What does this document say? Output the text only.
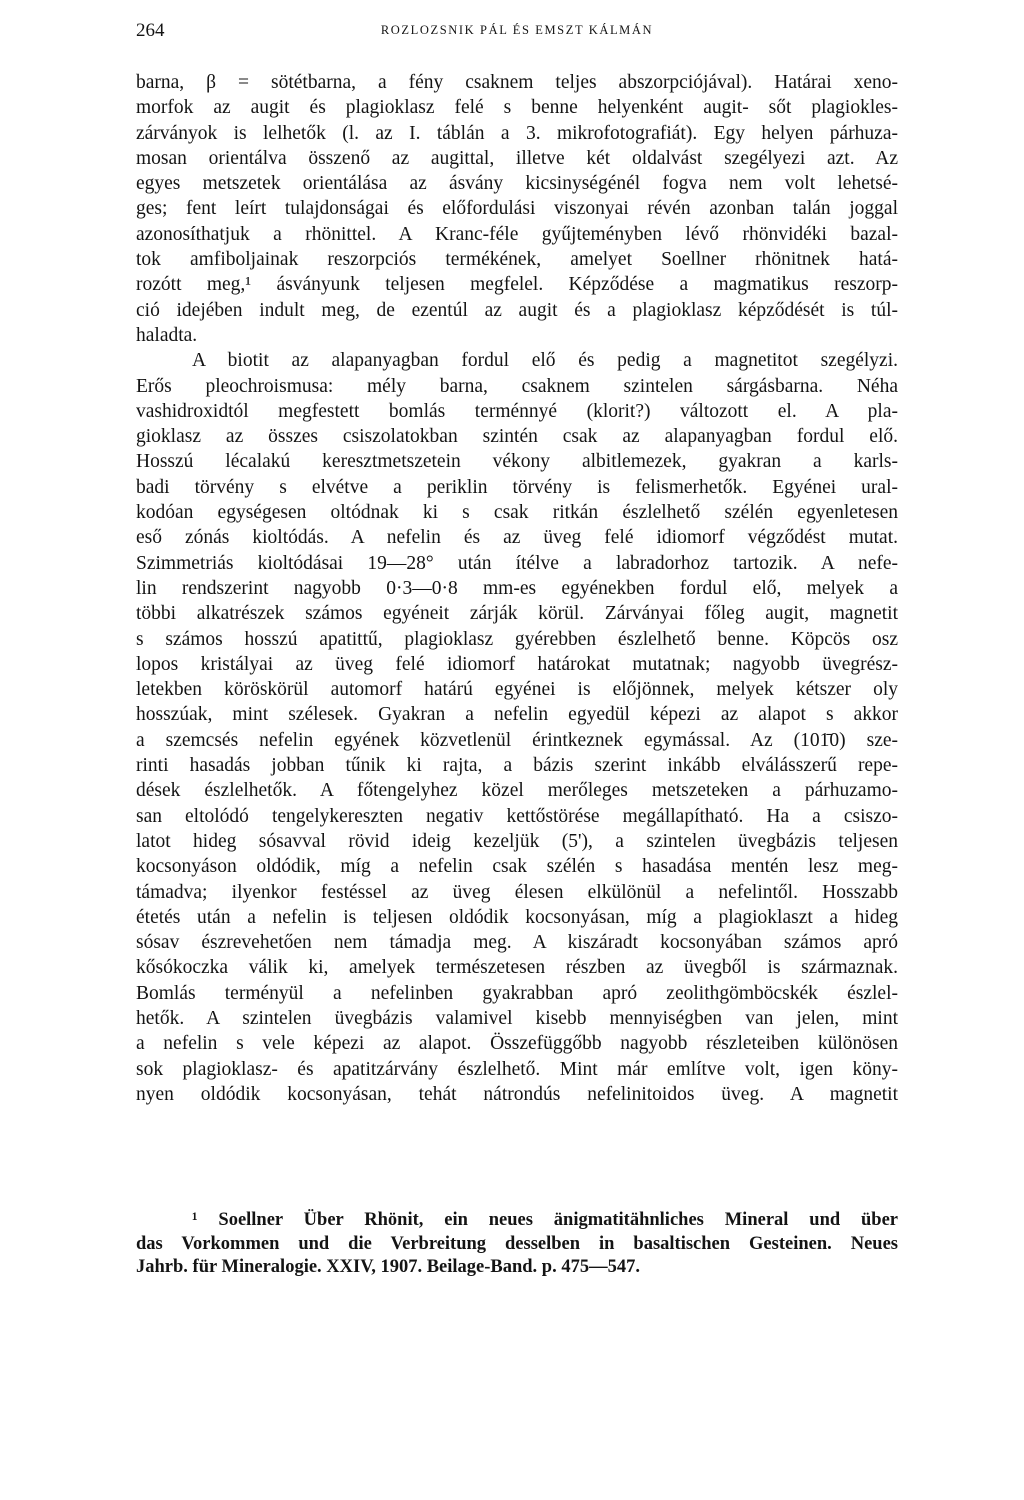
264	ROZLOZSNIK PÁL ÉS EMSZT KÁLMÁN
barna, β = sötétbarna, a fény csaknem teljes abszorpciójával). Határai xeno-
morfok az augit és plagioklasz felé s benne helyenként augit- sőt plagiokles-
zárványok is lelhetők (l. az I. táblán a 3. mikrofotografiát). Egy helyen párhuza-
mosan orientálva összenő az augittal, illetve két oldalvást szegélyezi azt. Az
egyes metszetek orientálása az ásvány kicsinységénél fogva nem volt lehetsé-
ges; fent leírt tulajdonságai és előfordulási viszonyai révén azonban talán joggal
azonosíthatjuk a rhönittel. A Kranc-féle gyűjteményben lévő rhönvidéki bazal-
tok amfiboljainak reszorpciós termékének, amelyet Soellner rhönitnek hatá-
rozótt meg,¹ ásványunk teljesen megfelel. Képződése a magmatikus reszorp-
ció idejében indult meg, de ezentúl az augit és a plagioklasz képződését is túl-
haladta.
A biotit az alapanyagban fordul elő és pedig a magnetitot szegélyzi.
Erős pleochroismusa: mély barna, csaknem szintelen sárgásbarna. Néha
vashidroxidtól megfestett bomlás terménnyé (klorit?) változott el. A pla-
gioklasz az összes csiszolatokban szintén csak az alapanyagban fordul elő.
Hosszú lécalakú keresztmetszetein vékony albitlemezek, gyakran a karls-
badi törvény s elvétve a periklin törvény is felismerhetők. Egyénei ural-
kodóan egységesen oltódnak ki s csak ritkán észlelhető szélén egyenletesen
eső zónás kioltódás. A nefelin és az üveg felé idiomorf végződést mutat.
Szimmetriás kioltódásai 19—28° után ítélve a labradorhoz tartozik. A nefe-
lin rendszerint nagyobb 0·3—0·8 mm-es egyénekben fordul elő, melyek a
többi alkatrészek számos egyéneit zárják körül. Zárványai főleg augit, magnetit
s számos hosszú apatittű, plagioklasz gyérebben észlelhető benne. Köpcös osz
lopos kristályai az üveg felé idiomorf határokat mutatnak; nagyobb üvegrész-
letekben köröskörül automorf határú egyénei is előjönnek, melyek kétszer oly
hosszúak, mint szélesek. Gyakran a nefelin egyedül képezi az alapot s akkor
a szemcsés nefelin egyének közvetlenül érintkeznek egymással. Az (101̄0) sze-
rinti hasadás jobban tűnik ki rajta, a bázis szerint inkább elválásszerű repe-
dések észlelhetők. A főtengelyhez közel merőleges metszeteken a párhuzamo-
san eltolódó tengelykereszten negativ kettőstörése megállapítható. Ha a csiszo-
latot hideg sósavval rövid ideig kezeljük (5'), a szintelen üvegbázis teljesen
kocsonyáson oldódik, míg a nefelin csak szélén s hasadása mentén lesz meg-
támadva; ilyenkor festéssel az üveg élesen elkülönül a nefelintől. Hosszabb
étetés után a nefelin is teljesen oldódik kocsonyásan, míg a plagioklaszt a hideg
sósav észrevehetően nem támadja meg. A kiszáradt kocsonyában számos apró
kősókoczka válik ki, amelyek természetesen részben az üvegből is származnak.
Bomlás terményül a nefelinben gyakrabban apró zeolithgömböcskék észlel-
hetők. A szintelen üvegbázis valamivel kisebb mennyiségben van jelen, mint
a nefelin s vele képezi az alapot. Összefüggőbb nagyobb részleteiben különösen
sok plagioklasz- és apatitzárvány észlelhető. Mint már említve volt, igen köny-
nyen oldódik kocsonyásan, tehát nátrondús nefelinitoidos üveg. A magnetit
¹ Soellner Über Rhönit, ein neues änigmatitähnliches Mineral und über
das Vorkommen und die Verbreitung desselben in basaltischen Gesteinen. Neues
Jahrb. für Mineralogie. XXIV, 1907. Beilage-Band. p. 475—547.
